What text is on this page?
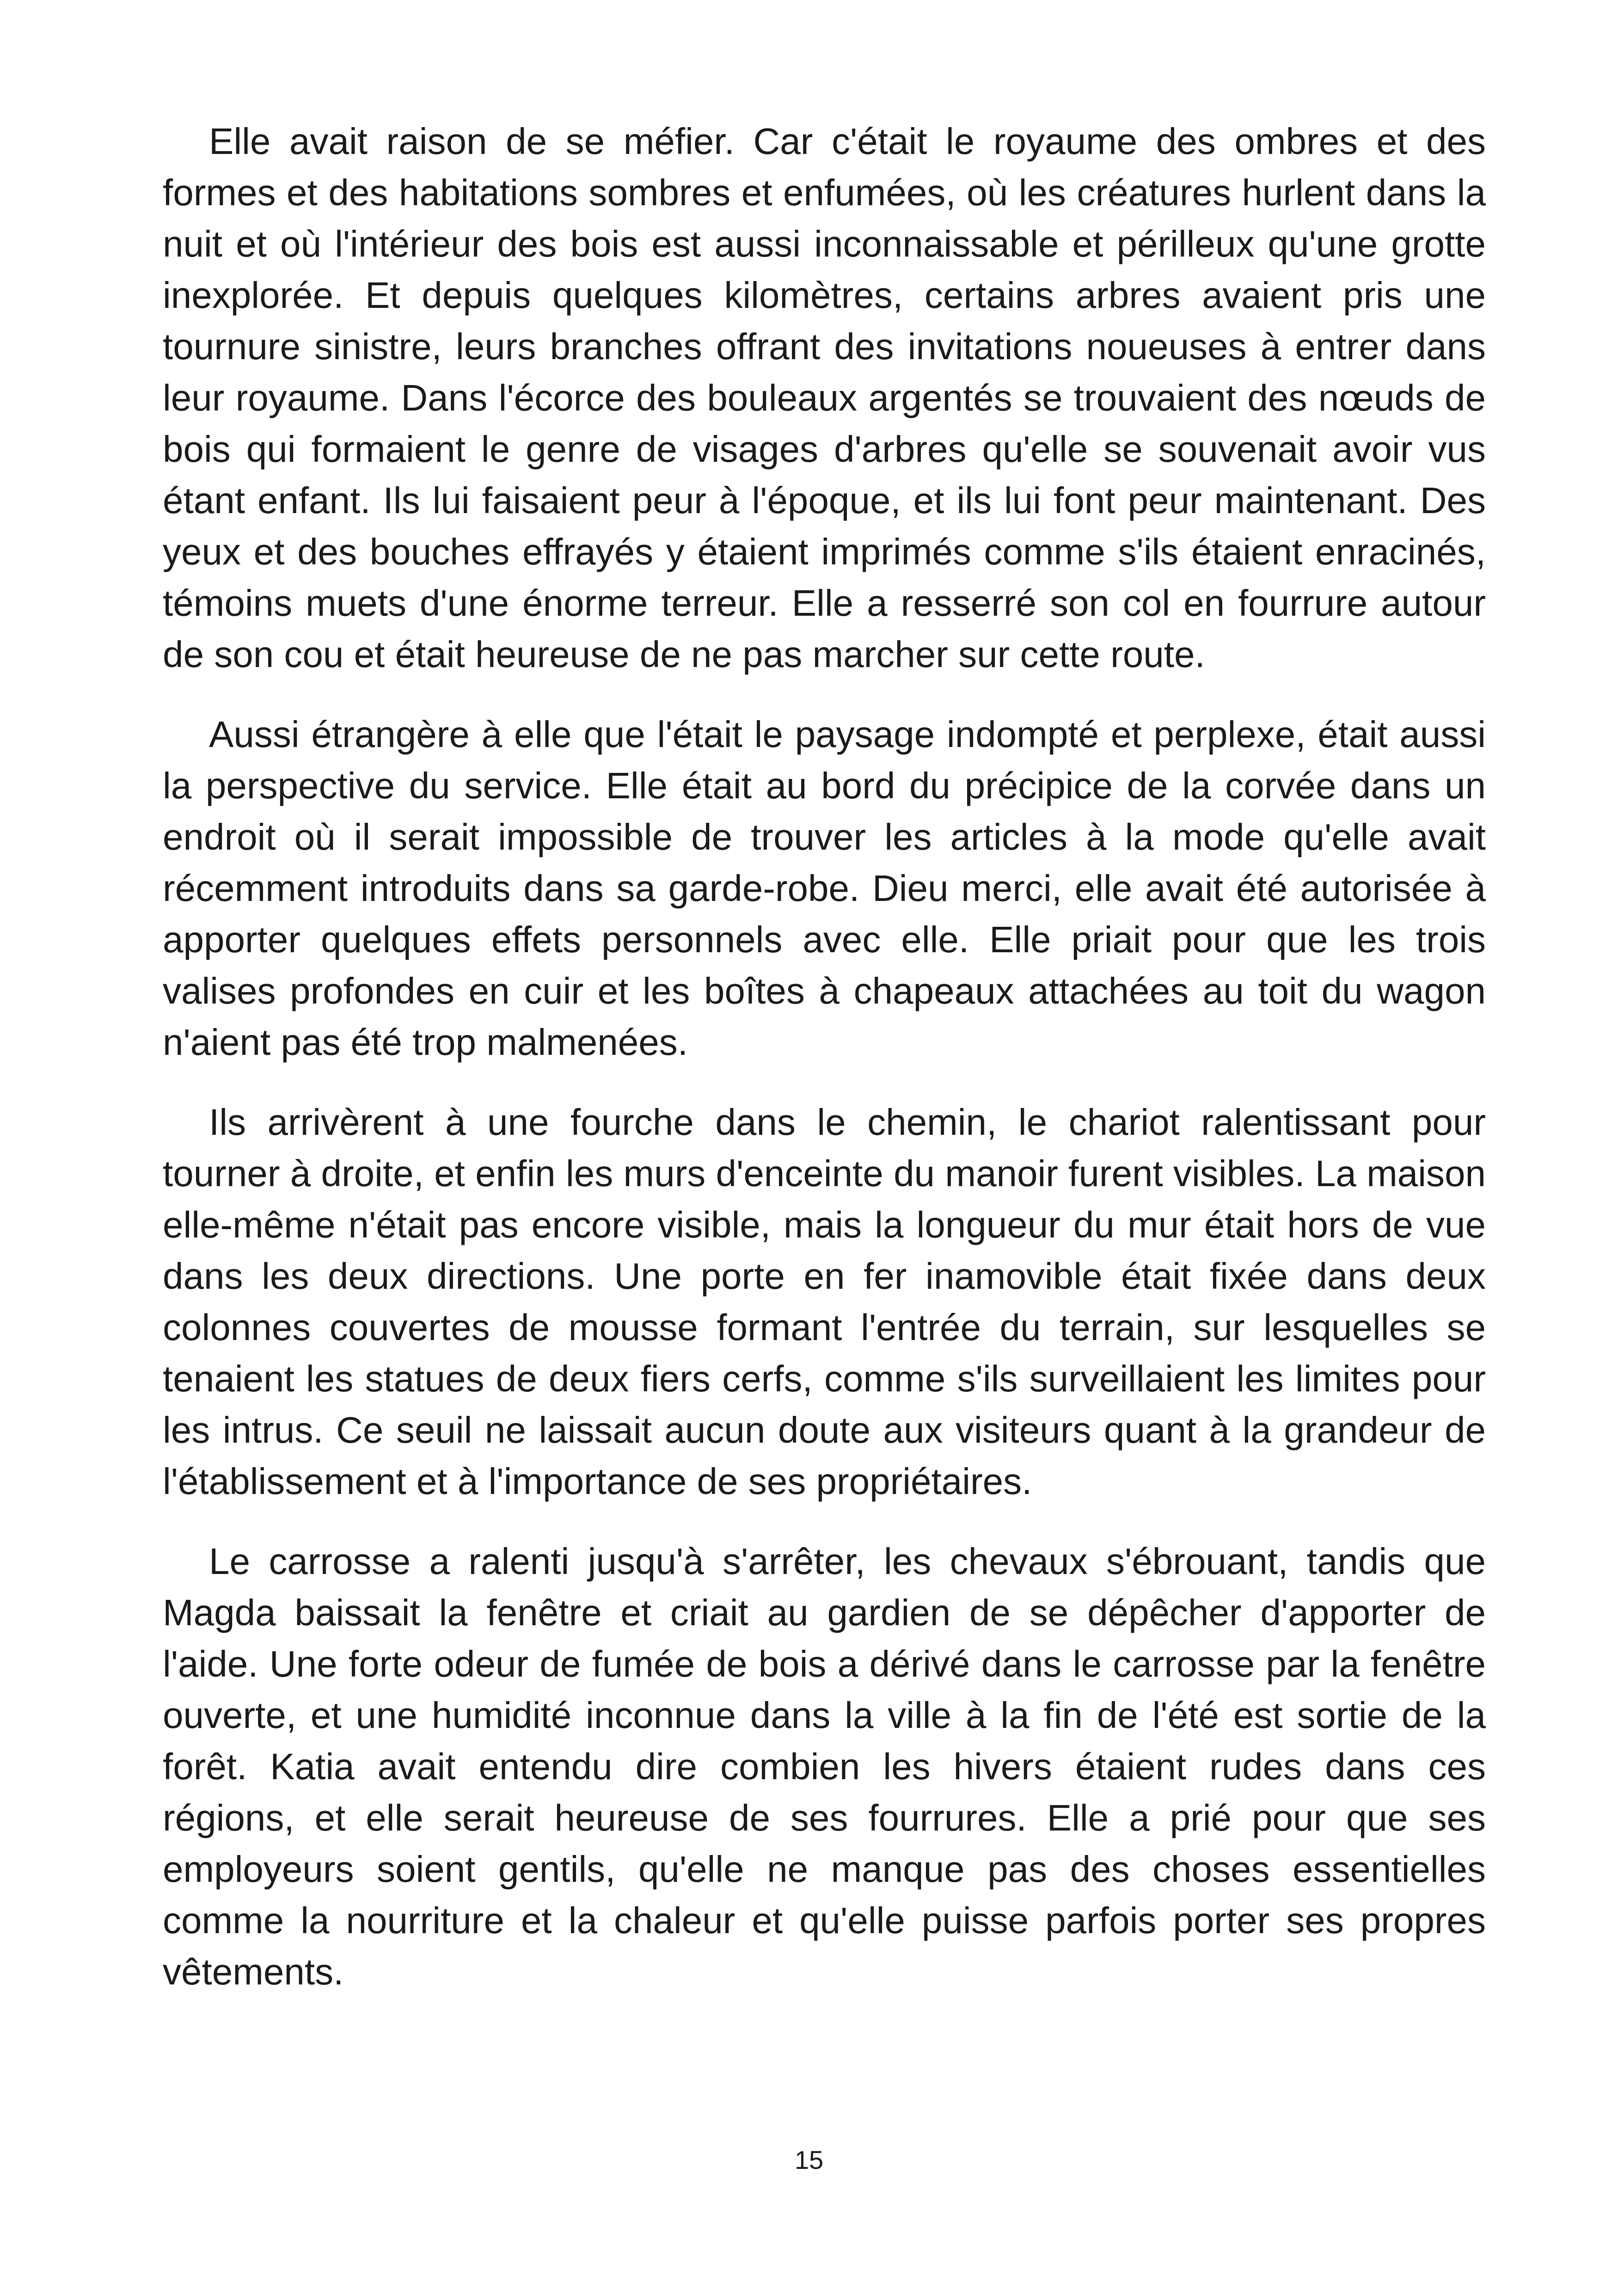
Elle avait raison de se méfier. Car c'était le royaume des ombres et des formes et des habitations sombres et enfumées, où les créatures hurlent dans la nuit et où l'intérieur des bois est aussi inconnaissable et périlleux qu'une grotte inexplorée. Et depuis quelques kilomètres, certains arbres avaient pris une tournure sinistre, leurs branches offrant des invitations noueuses à entrer dans leur royaume. Dans l'écorce des bouleaux argentés se trouvaient des nœuds de bois qui formaient le genre de visages d'arbres qu'elle se souvenait avoir vus étant enfant. Ils lui faisaient peur à l'époque, et ils lui font peur maintenant. Des yeux et des bouches effrayés y étaient imprimés comme s'ils étaient enracinés, témoins muets d'une énorme terreur. Elle a resserré son col en fourrure autour de son cou et était heureuse de ne pas marcher sur cette route.

Aussi étrangère à elle que l'était le paysage indompté et perplexe, était aussi la perspective du service. Elle était au bord du précipice de la corvée dans un endroit où il serait impossible de trouver les articles à la mode qu'elle avait récemment introduits dans sa garde-robe. Dieu merci, elle avait été autorisée à apporter quelques effets personnels avec elle. Elle priait pour que les trois valises profondes en cuir et les boîtes à chapeaux attachées au toit du wagon n'aient pas été trop malmenées.

Ils arrivèrent à une fourche dans le chemin, le chariot ralentissant pour tourner à droite, et enfin les murs d'enceinte du manoir furent visibles. La maison elle-même n'était pas encore visible, mais la longueur du mur était hors de vue dans les deux directions. Une porte en fer inamovible était fixée dans deux colonnes couvertes de mousse formant l'entrée du terrain, sur lesquelles se tenaient les statues de deux fiers cerfs, comme s'ils surveillaient les limites pour les intrus. Ce seuil ne laissait aucun doute aux visiteurs quant à la grandeur de l'établissement et à l'importance de ses propriétaires.

Le carrosse a ralenti jusqu'à s'arrêter, les chevaux s'ébrouant, tandis que Magda baissait la fenêtre et criait au gardien de se dépêcher d'apporter de l'aide. Une forte odeur de fumée de bois a dérivé dans le carrosse par la fenêtre ouverte, et une humidité inconnue dans la ville à la fin de l'été est sortie de la forêt. Katia avait entendu dire combien les hivers étaient rudes dans ces régions, et elle serait heureuse de ses fourrures. Elle a prié pour que ses employeurs soient gentils, qu'elle ne manque pas des choses essentielles comme la nourriture et la chaleur et qu'elle puisse parfois porter ses propres vêtements.

15
